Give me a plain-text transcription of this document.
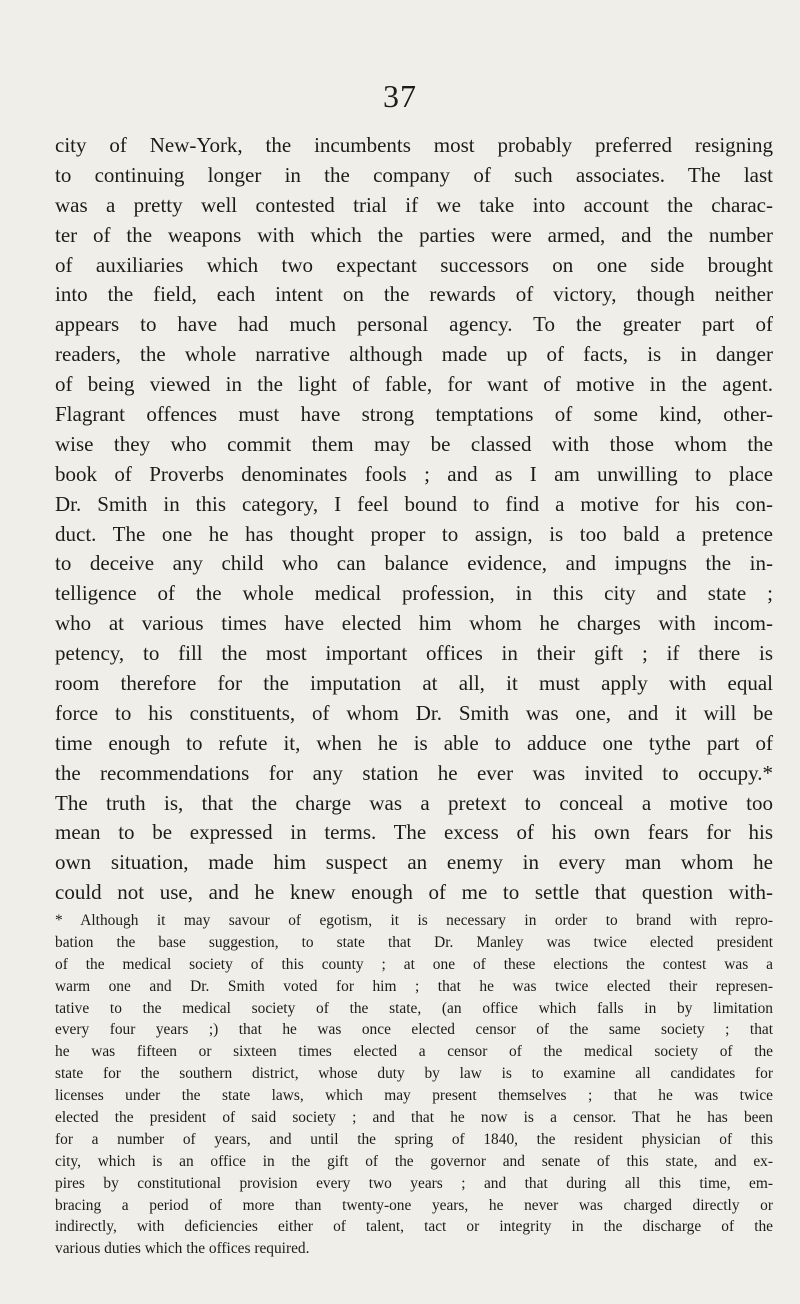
37
city of New-York, the incumbents most probably preferred resigning
to continuing longer in the company of such associates. The last
was a pretty well contested trial if we take into account the charac-
ter of the weapons with which the parties were armed, and the number
of auxiliaries which two expectant successors on one side brought
into the field, each intent on the rewards of victory, though neither
appears to have had much personal agency. To the greater part of
readers, the whole narrative although made up of facts, is in danger
of being viewed in the light of fable, for want of motive in the agent.
Flagrant offences must have strong temptations of some kind, other-
wise they who commit them may be classed with those whom the
book of Proverbs denominates fools ; and as I am unwilling to place
Dr. Smith in this category, I feel bound to find a motive for his con-
duct. The one he has thought proper to assign, is too bald a pretence
to deceive any child who can balance evidence, and impugns the in-
telligence of the whole medical profession, in this city and state ;
who at various times have elected him whom he charges with incom-
petency, to fill the most important offices in their gift ; if there is
room therefore for the imputation at all, it must apply with equal
force to his constituents, of whom Dr. Smith was one, and it will be
time enough to refute it, when he is able to adduce one tythe part of
the recommendations for any station he ever was invited to occupy.*
The truth is, that the charge was a pretext to conceal a motive too
mean to be expressed in terms. The excess of his own fears for his
own situation, made him suspect an enemy in every man whom he
could not use, and he knew enough of me to settle that question with-
* Although it may savour of egotism, it is necessary in order to brand with repro-
bation the base suggestion, to state that Dr. Manley was twice elected president
of the medical society of this county ; at one of these elections the contest was a
warm one and Dr. Smith voted for him ; that he was twice elected their represen-
tative to the medical society of the state, (an office which falls in by limitation
every four years ;) that he was once elected censor of the same society ; that
he was fifteen or sixteen times elected a censor of the medical society of the
state for the southern district, whose duty by law is to examine all candidates for
licenses under the state laws, which may present themselves ; that he was twice
elected the president of said society ; and that he now is a censor. That he has been
for a number of years, and until the spring of 1840, the resident physician of this
city, which is an office in the gift of the governor and senate of this state, and ex-
pires by constitutional provision every two years ; and that during all this time, em-
bracing a period of more than twenty-one years, he never was charged directly or
indirectly, with deficiencies either of talent, tact or integrity in the discharge of the
various duties which the offices required.
